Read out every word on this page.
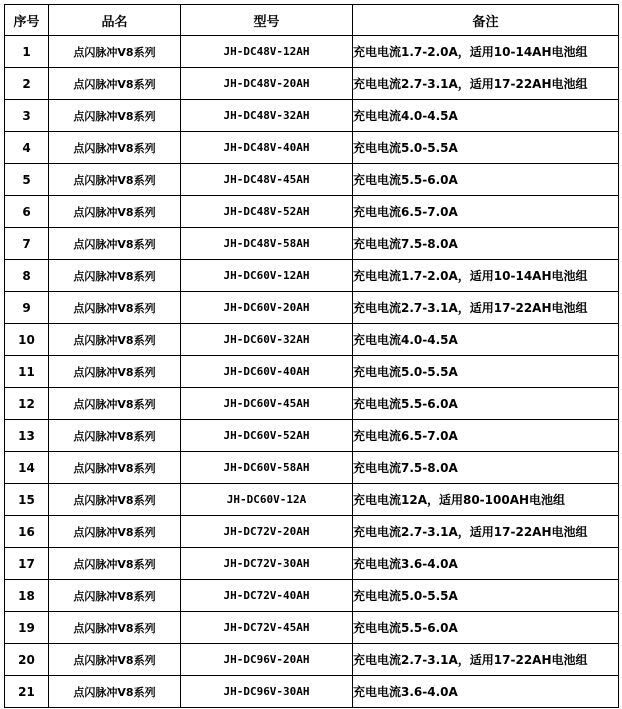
序号	品名	型号	备注
1	点闪脉冲V8系列	JH-DC48V-12AH	充电电流1.7-2.0A，适用10-14AH电池组
2	点闪脉冲V8系列	JH-DC48V-20AH	充电电流2.7-3.1A，适用17-22AH电池组
3	点闪脉冲V8系列	JH-DC48V-32AH	充电电流4.0-4.5A
4	点闪脉冲V8系列	JH-DC48V-40AH	充电电流5.0-5.5A
5	点闪脉冲V8系列	JH-DC48V-45AH	充电电流5.5-6.0A
6	点闪脉冲V8系列	JH-DC48V-52AH	充电电流6.5-7.0A
7	点闪脉冲V8系列	JH-DC48V-58AH	充电电流7.5-8.0A
8	点闪脉冲V8系列	JH-DC60V-12AH	充电电流1.7-2.0A，适用10-14AH电池组
9	点闪脉冲V8系列	JH-DC60V-20AH	充电电流2.7-3.1A，适用17-22AH电池组
10	点闪脉冲V8系列	JH-DC60V-32AH	充电电流4.0-4.5A
11	点闪脉冲V8系列	JH-DC60V-40AH	充电电流5.0-5.5A
12	点闪脉冲V8系列	JH-DC60V-45AH	充电电流5.5-6.0A
13	点闪脉冲V8系列	JH-DC60V-52AH	充电电流6.5-7.0A
14	点闪脉冲V8系列	JH-DC60V-58AH	充电电流7.5-8.0A
15	点闪脉冲V8系列	JH-DC60V-12A	充电电流12A，适用80-100AH电池组
16	点闪脉冲V8系列	JH-DC72V-20AH	充电电流2.7-3.1A，适用17-22AH电池组
17	点闪脉冲V8系列	JH-DC72V-30AH	充电电流3.6-4.0A
18	点闪脉冲V8系列	JH-DC72V-40AH	充电电流5.0-5.5A
19	点闪脉冲V8系列	JH-DC72V-45AH	充电电流5.5-6.0A
20	点闪脉冲V8系列	JH-DC96V-20AH	充电电流2.7-3.1A，适用17-22AH电池组
21	点闪脉冲V8系列	JH-DC96V-30AH	充电电流3.6-4.0A
